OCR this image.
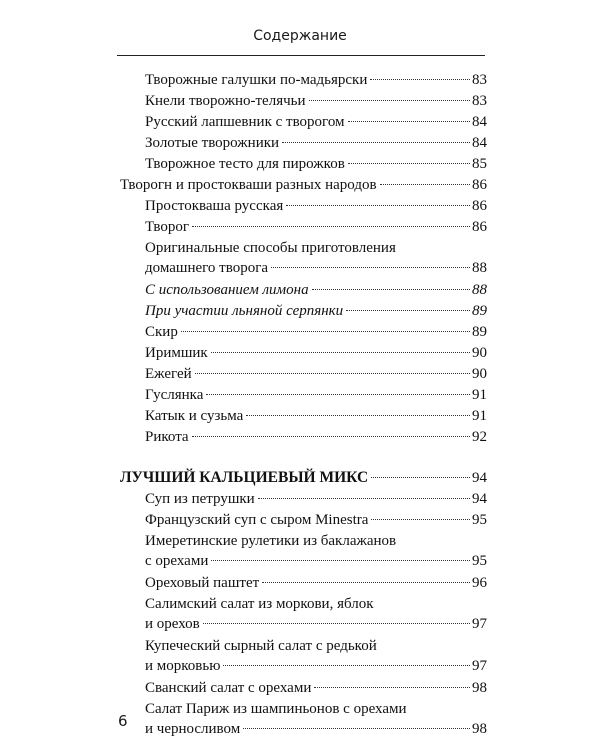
Содержание
Творожные галушки по-мадьярски	83
Кнели творожно-телячьи	83
Русский лапшевник с творогом	84
Золотые творожники	84
Творожное тесто для пирожков	85
Творогн и простокваши разных народов	86
Простокваша русская	86
Творог	86
Оригинальные способы приготовления
домашнего творога	88
С использованием лимона	88
При участии льняной серпянки	89
Скир	89
Иримшик	90
Ежегей	90
Гуслянка	91
Катык и сузьма	91
Рикота	92
ЛУЧШИЙ КАЛЬЦИЕВЫЙ МИКС	94
Суп из петрушки	94
Французский суп с сыром Minestra	95
Имеретинские рулетики из баклажанов
с орехами	95
Ореховый паштет	96
Салимский салат из моркови, яблок
и орехов	97
Купеческий сырный салат с редькой
и морковью	97
Сванский салат с орехами	98
Салат Париж из шампиньонов с орехами
и черносливом	98
6
